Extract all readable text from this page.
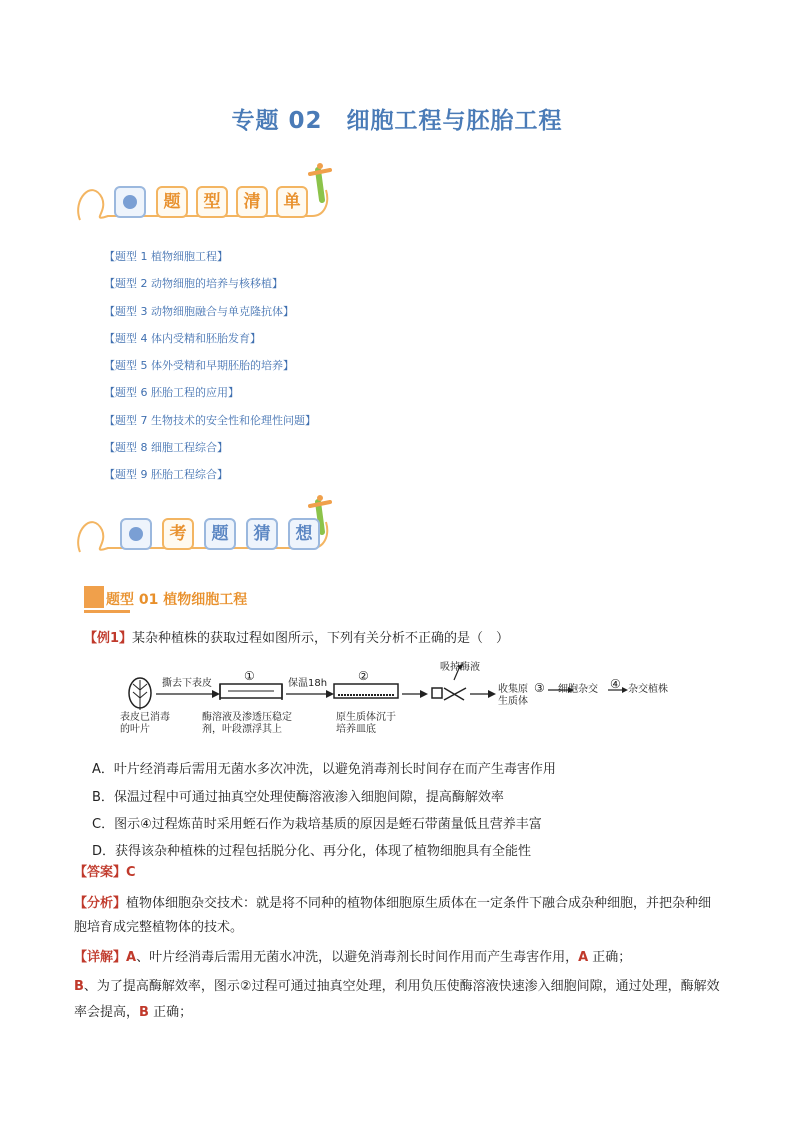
专题 02　细胞工程与胚胎工程
题	型	清	单
【题型 1 植物细胞工程】
【题型 2 动物细胞的培养与核移植】
【题型 3 动物细胞融合与单克隆抗体】
【题型 4 体内受精和胚胎发育】
【题型 5 体外受精和早期胚胎的培养】
【题型 6 胚胎工程的应用】
【题型 7 生物技术的安全性和伦理性问题】
【题型 8 细胞工程综合】
【题型 9 胚胎工程综合】
考	题	猜	想
题型 01 植物细胞工程
【例1】某杂种植株的获取过程如图所示，下列有关分析不正确的是（　）
撕去下表皮
①
保温18h
②
吸掉酶液
收集原生质体
③ 细胞杂交 ④ 杂交植株
表皮已消毒的叶片
酶溶液及渗透压稳定剂，叶段漂浮其上
原生质体沉于培养皿底
A．叶片经消毒后需用无菌水多次冲洗，以避免消毒剂长时间存在而产生毒害作用
B．保温过程中可通过抽真空处理使酶溶液渗入细胞间隙，提高酶解效率
C．图示④过程炼苗时采用蛭石作为栽培基质的原因是蛭石带菌量低且营养丰富
D．获得该杂种植株的过程包括脱分化、再分化，体现了植物细胞具有全能性
【答案】C
【分析】植物体细胞杂交技术：就是将不同种的植物体细胞原生质体在一定条件下融合成杂种细胞，并把杂种细胞培育成完整植物体的技术。
【详解】A、叶片经消毒后需用无菌水冲洗，以避免消毒剂长时间作用而产生毒害作用，A 正确；
B、为了提高酶解效率，图示②过程可通过抽真空处理，利用负压使酶溶液快速渗入细胞间隙，通过处理，酶解效率会提高，B 正确；
